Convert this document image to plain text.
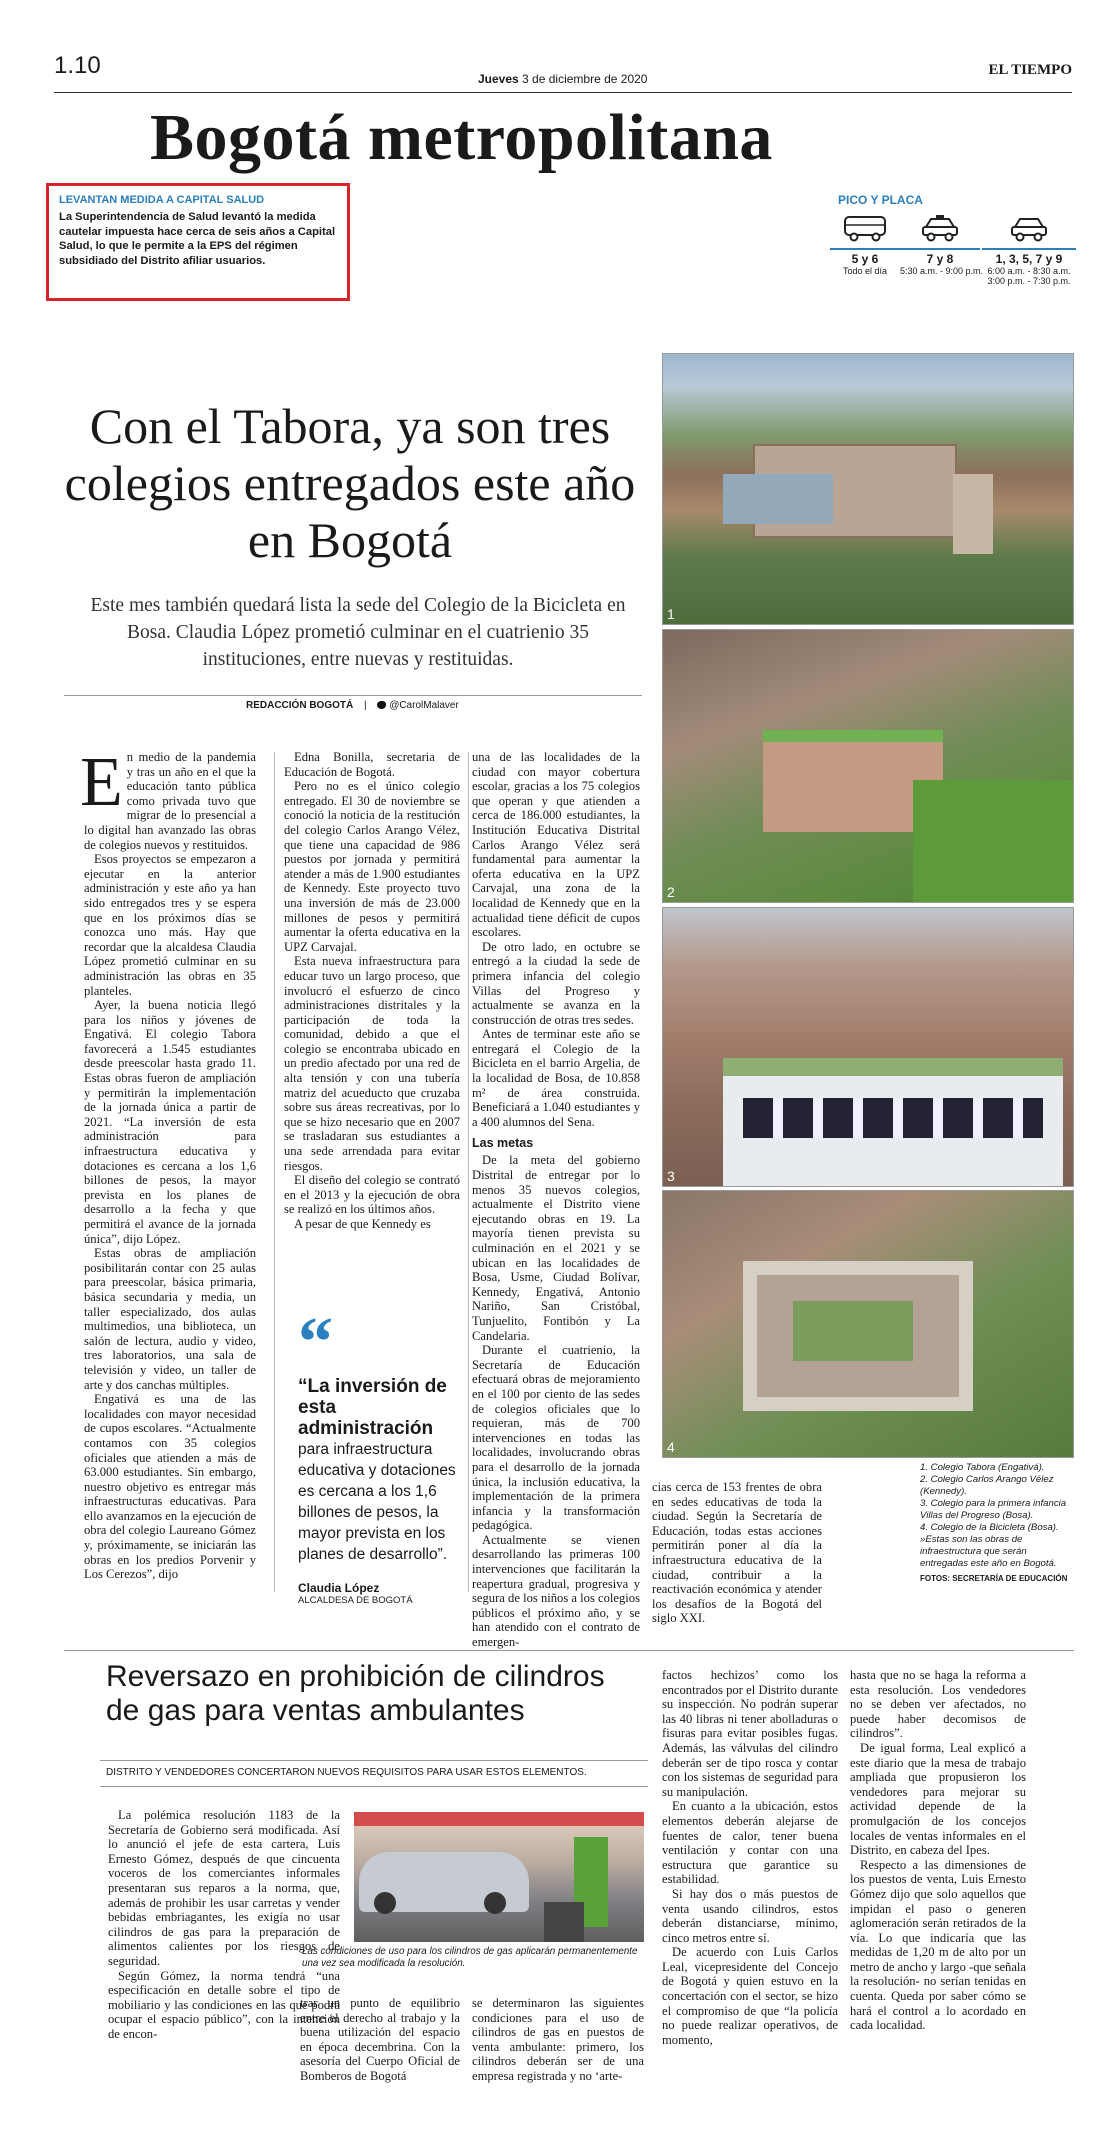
1.10	Jueves 3 de diciembre de 2020
EL TIEMPO
Bogotá metropolitana
LEVANTAN MEDIDA A CAPITAL SALUD
La Superintendencia de Salud levantó la medida cautelar impuesta hace cerca de seis años a Capital Salud, lo que le permite a la EPS del régimen subsidiado del Distrito afiliar usuarios.
PICO Y PLACA
5 y 6
Todo el día
7 y 8
5:30 a.m. - 9:00 p.m.
1, 3, 5, 7 y 9
6:00 a.m. - 8:30 a.m.
3:00 p.m. - 7:30 p.m.
Con el Tabora, ya son tres colegios entregados este año en Bogotá
Este mes también quedará lista la sede del Colegio de la Bicicleta en Bosa. Claudia López prometió culminar en el cuatrienio 35 instituciones, entre nuevas y restituidas.
REDACCIÓN BOGOTÁ | @CarolMalaver
E n medio de la pandemia y tras un año en el que la educación tanto pública como privada tuvo que migrar de lo presencial a lo digital han avanzado las obras de colegios nuevos y restituidos.

Esos proyectos se empezaron a ejecutar en la anterior administración y este año ya han sido entregados tres y se espera que en los próximos días se conozca uno más. Hay que recordar que la alcaldesa Claudia López prometió culminar en su administración las obras en 35 planteles.

Ayer, la buena noticia llegó para los niños y jóvenes de Engativá. El colegio Tabora favorecerá a 1.545 estudiantes desde preescolar hasta grado 11. Estas obras fueron de ampliación y permitirán la implementación de la jornada única a partir de 2021. “La inversión de esta administración para infraestructura educativa y dotaciones es cercana a los 1,6 billones de pesos, la mayor prevista en los planes de desarrollo a la fecha y que permitirá el avance de la jornada única”, dijo López.

Estas obras de ampliación posibilitarán contar con 25 aulas para preescolar, básica primaria, básica secundaria y media, un taller especializado, dos aulas multimedios, una biblioteca, un salón de lectura, audio y video, tres laboratorios, una sala de televisión y video, un taller de arte y dos canchas múltiples.

Engativá es una de las localidades con mayor necesidad de cupos escolares. “Actualmente contamos con 35 colegios oficiales que atienden a más de 63.000 estudiantes. Sin embargo, nuestro objetivo es entregar más infraestructuras educativas. Para ello avanzamos en la ejecución de obra del colegio Laureano Gómez y, próximamente, se iniciarán las obras en los predios Porvenir y Los Cerezos”, dijo

Edna Bonilla, secretaria de Educación de Bogotá.

Pero no es el único colegio entregado. El 30 de noviembre se conoció la noticia de la restitución del colegio Carlos Arango Vélez, que tiene una capacidad de 986 puestos por jornada y permitirá atender a más de 1.900 estudiantes de Kennedy. Este proyecto tuvo una inversión de más de 23.000 millones de pesos y permitirá aumentar la oferta educativa en la UPZ Carvajal.

Esta nueva infraestructura para educar tuvo un largo proceso, que involucró el esfuerzo de cinco administraciones distritales y la participación de toda la comunidad, debido a que el colegio se encontraba ubicado en un predio afectado por una red de alta tensión y con una tubería matriz del acueducto que cruzaba sobre sus áreas recreativas, por lo que se hizo necesario que en 2007 se trasladaran sus estudiantes a una sede arrendada para evitar riesgos.

El diseño del colegio se contrató en el 2013 y la ejecución de obra se realizó en los últimos años.

A pesar de que Kennedy es

“
“La inversión de esta administración
para infraestructura educativa y dotaciones es cercana a los 1,6 billones de pesos, la mayor prevista en los planes de desarrollo”.
Claudia López
ALCALDESA DE BOGOTÁ

una de las localidades de la ciudad con mayor cobertura escolar, gracias a los 75 colegios que operan y que atienden a cerca de 186.000 estudiantes, la Institución Educativa Distrital Carlos Arango Vélez será fundamental para aumentar la oferta educativa en la UPZ Carvajal, una zona de la localidad de Kennedy que en la actualidad tiene déficit de cupos escolares.

De otro lado, en octubre se entregó a la ciudad la sede de primera infancia del colegio Villas del Progreso y actualmente se avanza en la construcción de otras tres sedes.

Antes de terminar este año se entregará el Colegio de la Bicicleta en el barrio Argelia, de la localidad de Bosa, de 10.858 m² de área construida. Beneficiará a 1.040 estudiantes y a 400 alumnos del Sena.

Las metas

De la meta del gobierno Distrital de entregar por lo menos 35 nuevos colegios, actualmente el Distrito viene ejecutando obras en 19. La mayoría tienen prevista su culminación en el 2021 y se ubican en las localidades de Bosa, Usme, Ciudad Bolívar, Kennedy, Engativá, Antonio Nariño, San Cristóbal, Tunjuelito, Fontibón y La Candelaria.

Durante el cuatrienio, la Secretaría de Educación efectuará obras de mejoramiento en el 100 por ciento de las sedes de colegios oficiales que lo requieran, más de 700 intervenciones en todas las localidades, involucrando obras para el desarrollo de la jornada única, la inclusión educativa, la implementación de la primera infancia y la transformación pedagógica.

Actualmente se vienen desarrollando las primeras 100 intervenciones que facilitarán la reapertura gradual, progresiva y segura de los niños a los colegios públicos el próximo año, y se han atendido con el contrato de emergen-

cias cerca de 153 frentes de obra en sedes educativas de toda la ciudad. Según la Secretaría de Educación, todas estas acciones permitirán poner al día la infraestructura educativa de la ciudad, contribuir a la reactivación económica y atender los desafíos de la Bogotá del siglo XXI.

1
2
3
4
1. Colegio Tabora (Engativá).
2. Colegio Carlos Arango Vélez (Kennedy).
3. Colegio para la primera infancia Villas del Progreso (Bosa).
4. Colegio de la Bicicleta (Bosa). »Estas son las obras de infraestructura que serán entregadas este año en Bogotá.
FOTOS: SECRETARÍA DE EDUCACIÓN
Reversazo en prohibición de cilindros
de gas para ventas ambulantes
DISTRITO Y VENDEDORES CONCERTARON NUEVOS REQUISITOS PARA USAR ESTOS ELEMENTOS.

La polémica resolución 1183 de la Secretaría de Gobierno será modificada. Así lo anunció el jefe de esta cartera, Luis Ernesto Gómez, después de que cincuenta voceros de los comerciantes informales presentaran sus reparos a la norma, que, además de prohibir les usar carretas y vender bebidas embriagantes, les exigía no usar cilindros de gas para la preparación de alimentos calientes por los riesgos de seguridad.

Según Gómez, la norma tendrá “una especificación en detalle sobre el tipo de mobiliario y las condiciones en las que podrá ocupar el espacio público”, con la intención de encon-

Las condiciones de uso para los cilindros de gas aplicarán permanentemente una vez sea modificada la resolución.

trar un punto de equilibrio entre el derecho al trabajo y la buena utilización del espacio en época decembrina. Con la asesoría del Cuerpo Oficial de Bomberos de Bogotá

se determinaron las siguientes condiciones para el uso de cilindros de gas en puestos de venta ambulante: primero, los cilindros deberán ser de una empresa registrada y no ‘arte-

factos hechizos’ como los encontrados por el Distrito durante su inspección. No podrán superar las 40 libras ni tener abolladuras o fisuras para evitar posibles fugas. Además, las válvulas del cilindro deberán ser de tipo rosca y contar con los sistemas de seguridad para su manipulación.

En cuanto a la ubicación, estos elementos deberán alejarse de fuentes de calor, tener buena ventilación y contar con una estructura que garantice su estabilidad.

Si hay dos o más puestos de venta usando cilindros, estos deberán distanciarse, mínimo, cinco metros entre sí.

De acuerdo con Luis Carlos Leal, vicepresidente del Concejo de Bogotá y quien estuvo en la concertación con el sector, se hizo el compromiso de que “la policía no puede realizar operativos, de momento,

hasta que no se haga la reforma a esta resolución. Los vendedores no se deben ver afectados, no puede haber decomisos de cilindros”.

De igual forma, Leal explicó a este diario que la mesa de trabajo ampliada que propusieron los vendedores para mejorar su actividad depende de la promulgación de los concejos locales de ventas informales en el Distrito, en cabeza del Ipes.

Respecto a las dimensiones de los puestos de venta, Luis Ernesto Gómez dijo que solo aquellos que impidan el paso o generen aglomeración serán retirados de la vía. Lo que indicaría que las medidas de 1,20 m de alto por un metro de ancho y largo -que señala la resolución- no serían tenidas en cuenta. Queda por saber cómo se hará el control a lo acordado en cada localidad.
